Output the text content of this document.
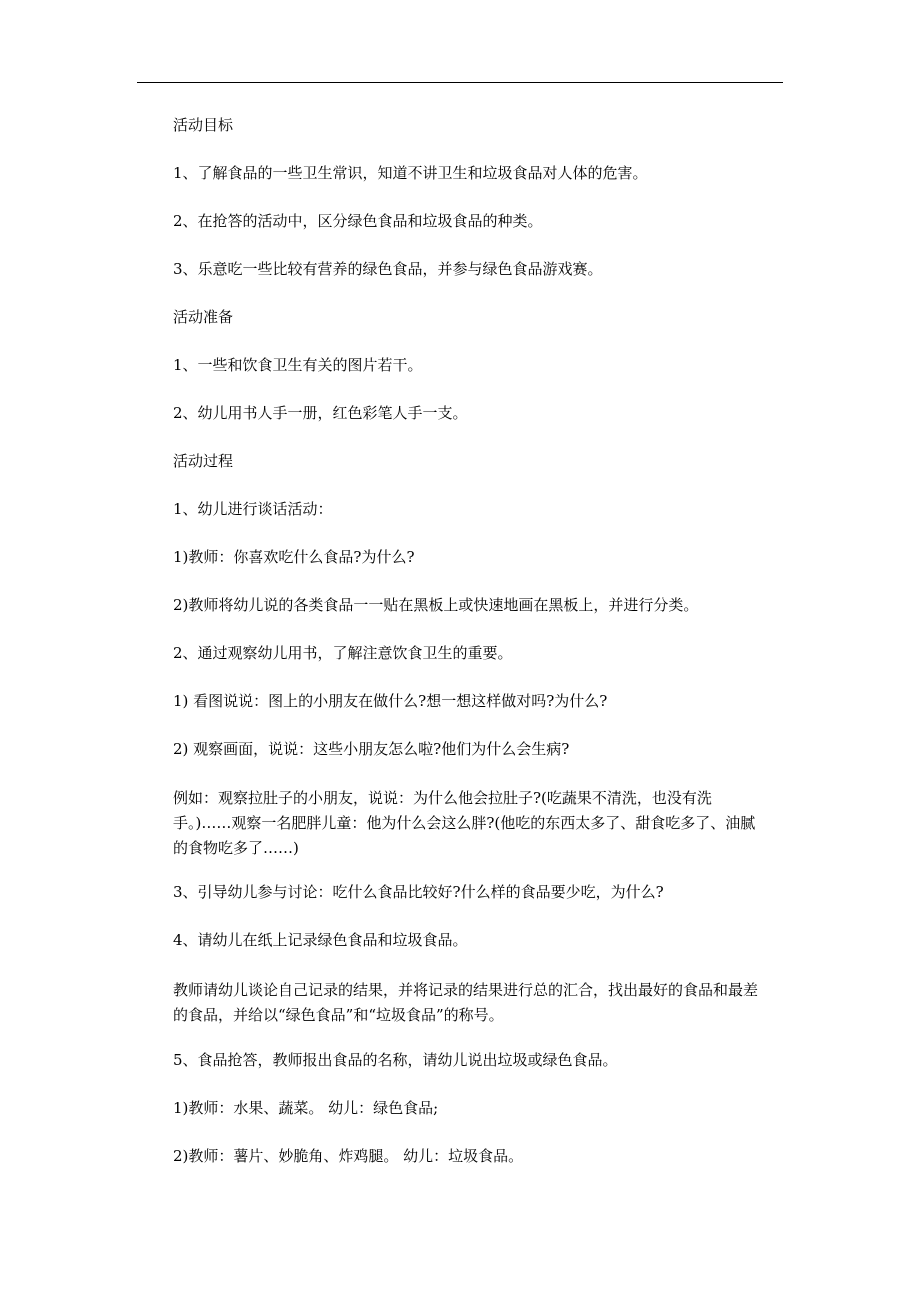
活动目标
1、了解食品的一些卫生常识，知道不讲卫生和垃圾食品对人体的危害。
2、在抢答的活动中，区分绿色食品和垃圾食品的种类。
3、乐意吃一些比较有营养的绿色食品，并参与绿色食品游戏赛。
活动准备
1、一些和饮食卫生有关的图片若干。
2、幼儿用书人手一册，红色彩笔人手一支。
活动过程
1、幼儿进行谈话活动：
1)教师：你喜欢吃什么食品?为什么?
2)教师将幼儿说的各类食品一一贴在黑板上或快速地画在黑板上，并进行分类。
2、通过观察幼儿用书，了解注意饮食卫生的重要。
1) 看图说说：图上的小朋友在做什么?想一想这样做对吗?为什么?
2) 观察画面，说说：这些小朋友怎么啦?他们为什么会生病?
例如：观察拉肚子的小朋友，说说：为什么他会拉肚子?(吃蔬果不清洗，也没有洗手。)……观察一名肥胖儿童：他为什么会这么胖?(他吃的东西太多了、甜食吃多了、油腻的食物吃多了……)
3、引导幼儿参与讨论：吃什么食品比较好?什么样的食品要少吃，为什么?
4、请幼儿在纸上记录绿色食品和垃圾食品。
教师请幼儿谈论自己记录的结果，并将记录的结果进行总的汇合，找出最好的食品和最差的食品，并给以“绿色食品”和“垃圾食品”的称号。
5、食品抢答，教师报出食品的名称，请幼儿说出垃圾或绿色食品。
1)教师：水果、蔬菜。 幼儿：绿色食品;
2)教师：薯片、妙脆角、炸鸡腿。 幼儿：垃圾食品。
